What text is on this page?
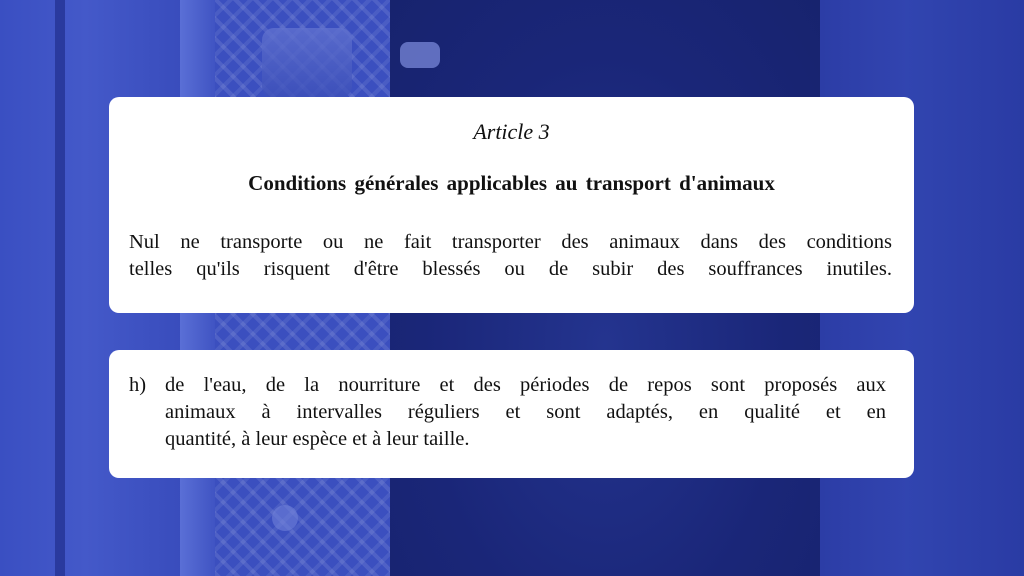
Article 3
Conditions générales applicables au transport d'animaux

Nul ne transporte ou ne fait transporter des animaux dans des conditions
telles qu'ils risquent d'être blessés ou de subir des souffrances inutiles.

h) de l'eau, de la nourriture et des périodes de repos sont proposés aux
animaux à intervalles réguliers et sont adaptés, en qualité et en
quantité, à leur espèce et à leur taille.
